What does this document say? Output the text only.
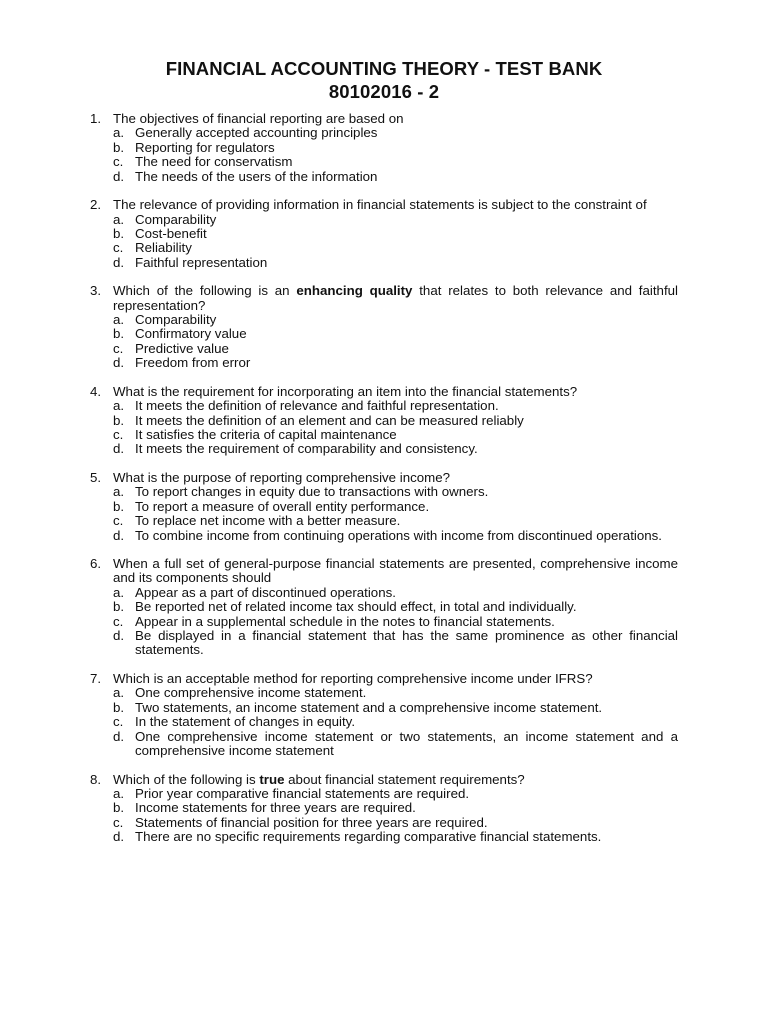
FINANCIAL ACCOUNTING THEORY - TEST BANK
80102016 - 2
1. The objectives of financial reporting are based on
a. Generally accepted accounting principles
b. Reporting for regulators
c. The need for conservatism
d. The needs of the users of the information
2. The relevance of providing information in financial statements is subject to the constraint of
a. Comparability
b. Cost-benefit
c. Reliability
d. Faithful representation
3. Which of the following is an enhancing quality that relates to both relevance and faithful representation?
a. Comparability
b. Confirmatory value
c. Predictive value
d. Freedom from error
4. What is the requirement for incorporating an item into the financial statements?
a. It meets the definition of relevance and faithful representation.
b. It meets the definition of an element and can be measured reliably
c. It satisfies the criteria of capital maintenance
d. It meets the requirement of comparability and consistency.
5. What is the purpose of reporting comprehensive income?
a. To report changes in equity due to transactions with owners.
b. To report a measure of overall entity performance.
c. To replace net income with a better measure.
d. To combine income from continuing operations with income from discontinued operations.
6. When a full set of general-purpose financial statements are presented, comprehensive income and its components should
a. Appear as a part of discontinued operations.
b. Be reported net of related income tax should effect, in total and individually.
c. Appear in a supplemental schedule in the notes to financial statements.
d. Be displayed in a financial statement that has the same prominence as other financial statements.
7. Which is an acceptable method for reporting comprehensive income under IFRS?
a. One comprehensive income statement.
b. Two statements, an income statement and a comprehensive income statement.
c. In the statement of changes in equity.
d. One comprehensive income statement or two statements, an income statement and a comprehensive income statement
8. Which of the following is true about financial statement requirements?
a. Prior year comparative financial statements are required.
b. Income statements for three years are required.
c. Statements of financial position for three years are required.
d. There are no specific requirements regarding comparative financial statements.
